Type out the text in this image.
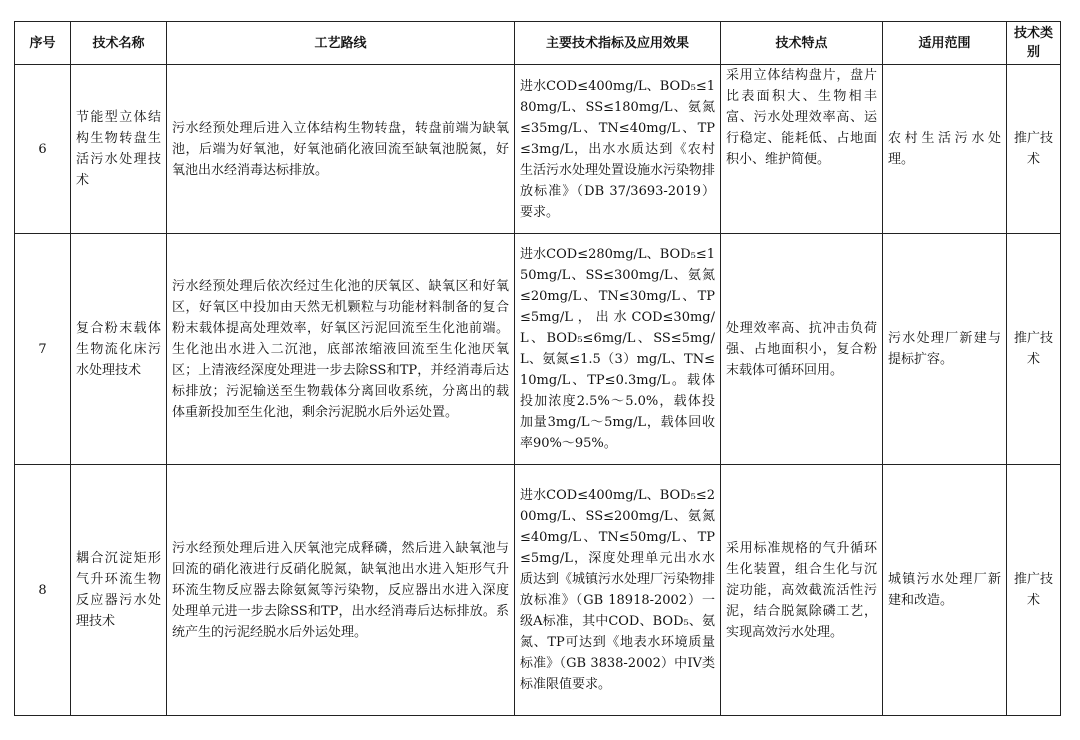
序号	技术名称	工艺路线	主要技术指标及应用效果	技术特点	适用范围	技术类别
6	节能型立体结构生物转盘生活污水处理技术	污水经预处理后进入立体结构生物转盘，转盘前端为缺氧池，后端为好氧池，好氧池硝化液回流至缺氧池脱氮，好氧池出水经消毒达标排放。	进水COD≤400mg/L、BOD₅≤180mg/L、SS≤180mg/L、氨氮≤35mg/L、TN≤40mg/L、TP≤3mg/L，出水水质达到《农村生活污水处理处置设施水污染物排放标准》（DB 37/3693-2019）要求。	采用立体结构盘片，盘片比表面积大、生物相丰富、污水处理效率高、运行稳定、能耗低、占地面积小、维护简便。	农村生活污水处理。	推广技术
7	复合粉末载体生物流化床污水处理技术	污水经预处理后依次经过生化池的厌氧区、缺氧区和好氧区，好氧区中投加由天然无机颗粒与功能材料制备的复合粉末载体提高处理效率，好氧区污泥回流至生化池前端。生化池出水进入二沉池，底部浓缩液回流至生化池厌氧区；上清液经深度处理进一步去除SS和TP，并经消毒后达标排放；污泥输送至生物载体分离回收系统，分离出的载体重新投加至生化池，剩余污泥脱水后外运处置。	进水COD≤280mg/L、BOD₅≤150mg/L、SS≤300mg/L、氨氮≤20mg/L、TN≤30mg/L、TP≤5mg/L，出水COD≤30mg/L、BOD₅≤6mg/L、SS≤5mg/L、氨氮≤1.5（3）mg/L、TN≤10mg/L、TP≤0.3mg/L。载体投加浓度2.5%～5.0%，载体投加量3mg/L～5mg/L，载体回收率90%～95%。	处理效率高、抗冲击负荷强、占地面积小，复合粉末载体可循环回用。	污水处理厂新建与提标扩容。	推广技术
8	耦合沉淀矩形气升环流生物反应器污水处理技术	污水经预处理后进入厌氧池完成释磷，然后进入缺氧池与回流的硝化液进行反硝化脱氮，缺氧池出水进入矩形气升环流生物反应器去除氨氮等污染物，反应器出水进入深度处理单元进一步去除SS和TP，出水经消毒后达标排放。系统产生的污泥经脱水后外运处理。	进水COD≤400mg/L、BOD₅≤200mg/L、SS≤200mg/L、氨氮≤40mg/L、TN≤50mg/L、TP≤5mg/L，深度处理单元出水水质达到《城镇污水处理厂污染物排放标准》（GB 18918-2002）一级A标准，其中COD、BOD₅、氨氮、TP可达到《地表水环境质量标准》（GB 3838-2002）中IV类标准限值要求。	采用标准规格的气升循环生化装置，组合生化与沉淀功能，高效截流活性污泥，结合脱氮除磷工艺，实现高效污水处理。	城镇污水处理厂新建和改造。	推广技术
